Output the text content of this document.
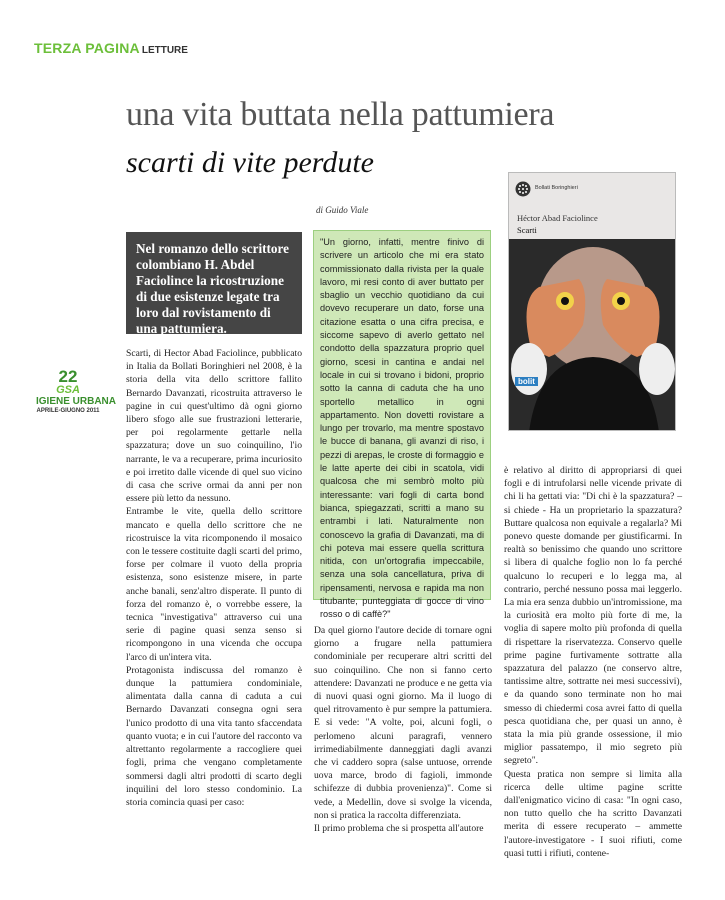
TERZA PAGINA LETTURE
una vita buttata nella pattumiera
scarti di vite perdute
di Guido Viale
Nel romanzo dello scrittore colombiano H. Abdel Faciolince la ricostruzione di due esistenze legate tra loro dal rovistamento di una pattumiera.
22
GSA
IGIENE URBANA
APRILE-GIUGNO 2011

Scarti, di Hector Abad Faciolince, pubblicato in Italia da Bollati Boringhieri nel 2008, è la storia della vita dello scrittore fallito Bernardo Davanzati, ricostruita attraverso le pagine in cui quest'ultimo dà ogni giorno libero sfogo alle sue frustrazioni letterarie, per poi regolarmente gettarle nella spazzatura; dove un suo coinquilino, l'io narrante, le va a recuperare, prima incuriosito e poi irretito dalle vicende di quel suo vicino di casa che scrive ormai da anni per non essere più letto da nessuno.

Entrambe le vite, quella dello scrittore mancato e quella dello scrittore che ne ricostruisce la vita ricomponendo il mosaico con le tessere costituite dagli scarti del primo, forse per colmare il vuoto della propria esistenza, sono esistenze misere, in parte anche banali, senz'altro disperate. Il punto di forza del romanzo è, o vorrebbe essere, la tecnica "investigativa" attraverso cui una serie di pagine quasi senza senso si ricompongono in una vicenda che occupa l'arco di un'intera vita.

Protagonista indiscussa del romanzo è dunque la pattumiera condominiale, alimentata dalla canna di caduta a cui Bernardo Davanzati consegna ogni sera l'unico prodotto di una vita tanto sfaccendata quanto vuota; e in cui l'autore del racconto va altrettanto regolarmente a raccogliere quei fogli, prima che vengano completamente sommersi dagli altri prodotti di scarto degli inquilini del loro stesso condominio. La storia comincia quasi per caso:

"Un giorno, infatti, mentre finivo di scrivere un articolo che mi era stato commissionato dalla rivista per la quale lavoro, mi resi conto di aver buttato per sbaglio un vecchio quotidiano da cui dovevo recuperare un dato, forse una citazione esatta o una cifra precisa, e siccome sapevo di averlo gettato nel condotto della spazzatura proprio quel giorno, scesi in cantina e andai nel locale in cui si trovano i bidoni, proprio sotto la canna di caduta che ha uno sportello metallico in ogni appartamento. Non dovetti rovistare a lungo per trovarlo, ma mentre spostavo le bucce di banana, gli avanzi di riso, i pezzi di arepas, le croste di formaggio e le latte aperte dei cibi in scatola, vidi qualcosa che mi sembrò molto più interessante: vari fogli di carta bond bianca, spiegazzati, scritti a mano su entrambi i lati. Naturalmente non conoscevo la grafia di Davanzati, ma di chi poteva mai essere quella scrittura nitida, con un'ortografia impeccabile, senza una sola cancellatura, priva di ripensamenti, nervosa e rapida ma non titubante, punteggiata di gocce di vino rosso o di caffè?"

Da quel giorno l'autore decide di tornare ogni giorno a frugare nella pattumiera condominiale per recuperare altri scritti del suo coinquilino. Che non si fanno certo attendere: Davanzati ne produce e ne getta via di nuovi quasi ogni giorno. Ma il luogo di quel ritrovamento è pur sempre la pattumiera. E si vede: "A volte, poi, alcuni fogli, o perlomeno alcuni paragrafi, vennero irrimediabilmente danneggiati dagli avanzi che vi caddero sopra (salse untuose, orrende uova marce, brodo di fagioli, immonde schifezze di dubbia provenienza)". Come si vede, a Medellin, dove si svolge la vicenda, non si pratica la raccolta differenziata.

Il primo problema che si prospetta all'autore

Bollati Boringhieri
Héctor Abad Faciolince
Scarti
bolit

è relativo al diritto di appropriarsi di quei fogli e di intrufolarsi nelle vicende private di chi li ha gettati via: "Di chi è la spazzatura? – si chiede - Ha un proprietario la spazzatura? Buttare qualcosa non equivale a regalarla? Mi ponevo queste domande per giustificarmi. In realtà so benissimo che quando uno scrittore si libera di qualche foglio non lo fa perché qualcuno lo recuperi e lo legga ma, al contrario, perché nessuno possa mai leggerlo. La mia era senza dubbio un'intromissione, ma la curiosità era molto più forte di me, la voglia di sapere molto più profonda di quella di rispettare la riservatezza. Conservo quelle prime pagine furtivamente sottratte alla spazzatura del palazzo (ne conservo altre, tantissime altre, sottratte nei mesi successivi), e da quando sono terminate non ho mai smesso di chiedermi cosa avrei fatto di quella pesca quotidiana che, per quasi un anno, è stata la mia più grande ossessione, il mio miglior passatempo, il mio segreto più segreto".

Questa pratica non sempre si limita alla ricerca delle ultime pagine scritte dall'enigmatico vicino di casa: "In ogni caso, non tutto quello che ha scritto Davanzati merita di essere recuperato – ammette l'autore-investigatore - I suoi rifiuti, come quasi tutti i rifiuti, contene-
